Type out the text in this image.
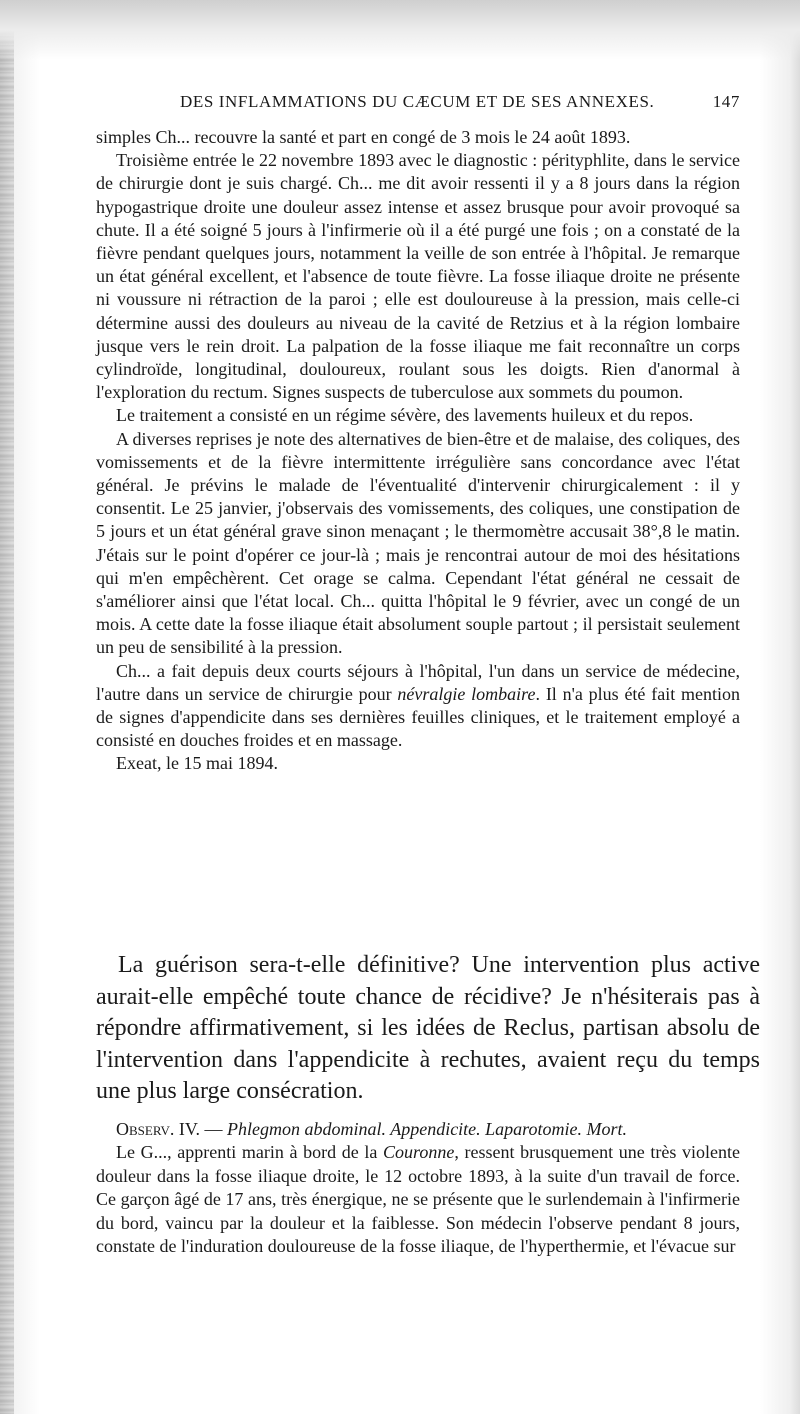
DES INFLAMMATIONS DU CÆCUM ET DE SES ANNEXES.	147

simples Ch... recouvre la santé et part en congé de 3 mois le 24 août 1893.

Troisième entrée le 22 novembre 1893 avec le diagnostic : pérityphlite, dans le service de chirurgie dont je suis chargé. Ch... me dit avoir ressenti il y a 8 jours dans la région hypogastrique droite une douleur assez intense et assez brusque pour avoir provoqué sa chute. Il a été soigné 5 jours à l'infirmerie où il a été purgé une fois ; on a constaté de la fièvre pendant quelques jours, notamment la veille de son entrée à l'hôpital. Je remarque un état général excellent, et l'absence de toute fièvre. La fosse iliaque droite ne présente ni voussure ni rétraction de la paroi ; elle est douloureuse à la pression, mais celle-ci détermine aussi des douleurs au niveau de la cavité de Retzius et à la région lombaire jusque vers le rein droit. La palpation de la fosse iliaque me fait reconnaître un corps cylindroïde, longitudinal, douloureux, roulant sous les doigts. Rien d'anormal à l'exploration du rectum. Signes suspects de tuberculose aux sommets du poumon.

Le traitement a consisté en un régime sévère, des lavements huileux et du repos.

A diverses reprises je note des alternatives de bien-être et de malaise, des coliques, des vomissements et de la fièvre intermittente irrégulière sans concordance avec l'état général. Je prévins le malade de l'éventualité d'intervenir chirurgicalement : il y consentit. Le 25 janvier, j'observais des vomissements, des coliques, une constipation de 5 jours et un état général grave sinon menaçant ; le thermomètre accusait 38°,8 le matin. J'étais sur le point d'opérer ce jour-là ; mais je rencontrai autour de moi des hésitations qui m'en empêchèrent. Cet orage se calma. Cependant l'état général ne cessait de s'améliorer ainsi que l'état local. Ch... quitta l'hôpital le 9 février, avec un congé de un mois. A cette date la fosse iliaque était absolument souple partout ; il persistait seulement un peu de sensibilité à la pression.

Ch... a fait depuis deux courts séjours à l'hôpital, l'un dans un service de médecine, l'autre dans un service de chirurgie pour névralgie lombaire. Il n'a plus été fait mention de signes d'appendicite dans ses dernières feuilles cliniques, et le traitement employé a consisté en douches froides et en massage.

Exeat, le 15 mai 1894.

La guérison sera-t-elle définitive? Une intervention plus active aurait-elle empêché toute chance de récidive? Je n'hésiterais pas à répondre affirmativement, si les idées de Reclus, partisan absolu de l'intervention dans l'appendicite à rechutes, avaient reçu du temps une plus large consécration.

Observ. IV. — Phlegmon abdominal. Appendicite. Laparotomie. Mort.

Le G..., apprenti marin à bord de la Couronne, ressent brusquement une très violente douleur dans la fosse iliaque droite, le 12 octobre 1893, à la suite d'un travail de force. Ce garçon âgé de 17 ans, très énergique, ne se présente que le surlendemain à l'infirmerie du bord, vaincu par la douleur et la faiblesse. Son médecin l'observe pendant 8 jours, constate de l'induration douloureuse de la fosse iliaque, de l'hyperthermie, et l'évacue sur
